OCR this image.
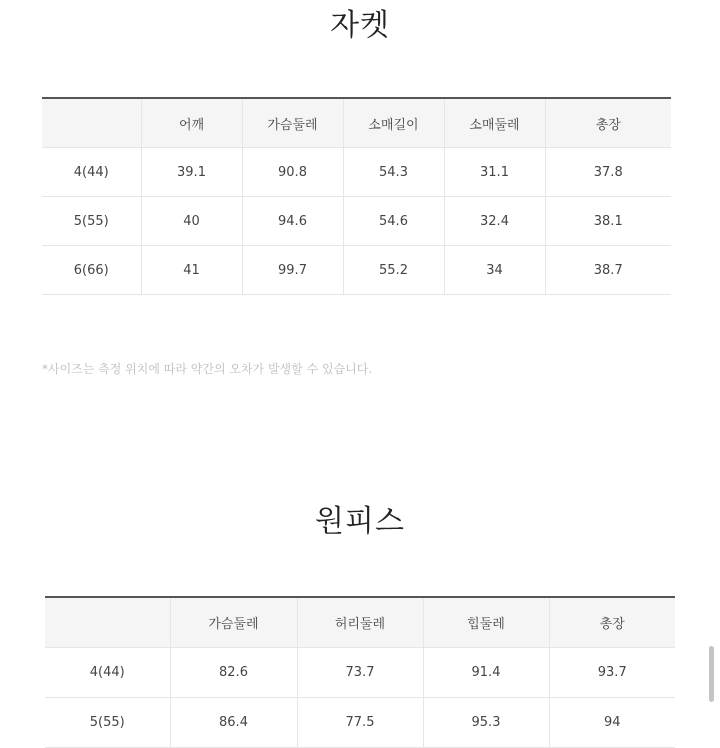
자켓
	어깨	가슴둘레	소매길이	소매둘레	총장
4(44)	39.1	90.8	54.3	31.1	37.8
5(55)	40	94.6	54.6	32.4	38.1
6(66)	41	99.7	55.2	34	38.7
*사이즈는 측정 위치에 따라 약간의 오차가 발생할 수 있습니다.
원피스
	가슴둘레	허리둘레	힙둘레	총장
4(44)	82.6	73.7	91.4	93.7
5(55)	86.4	77.5	95.3	94
